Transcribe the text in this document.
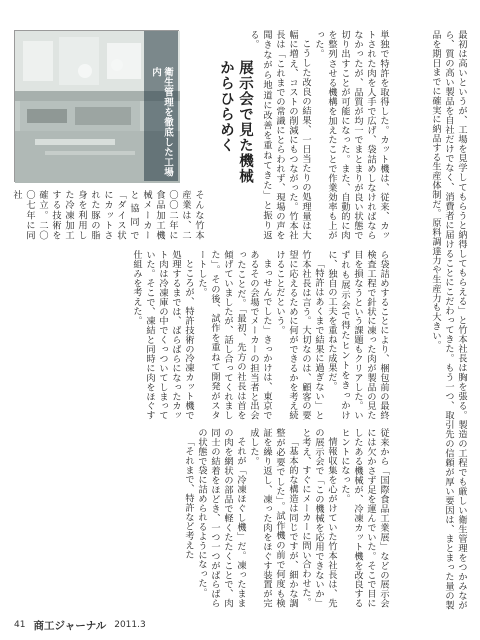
衛生管理を徹底した工場内	最初は高いというが、工場を見学してもらうと納得してもらえる」と竹本社長は胸を張る。製造の工程でも厳しい衛生管理をつかみながら、質の高い製品を自社だけでなく、消費者に届けることにこだわってきた。もう一つ、取引先の信頼が厚い要因は、まとまった量の製品を期日までに確実に納品する生産体制だ。原料調達力や生産力も大きい。

単独で特許を取得した。カット機は、従来、カットされた肉を人手で広げ、袋詰めしなければならなかったが、品質が均一でまとまりが良い状態で切り出すことが可能になった。また、自動的に肉を整列させる機構を加えたことで作業効率も上がった。

こうした改良の結果、一日当たりの処理量は大幅に増え、コストの削減にもつながった。竹本社長は「これまでの常識にとらわれず、現場の声を聞きながら地道に改善を重ねてきた」と振り返る。

展示会で見た機械
からひらめく

そんな竹本産業は、二〇〇二年に食品加工機械メーカーと協同で「ダイス状にカットされた豚の脂身を利用した冷凍加工する技術を確立。二〇〇七年に同社

ら袋詰めすることにより、梱包前の最終検査工程で針状に凍った肉が製品の見た目を損なうという課題もクリアした。いずれも展示会で得たヒントをきっかけに、独自の工夫を重ねた成果だ。

「特許はあくまで結果に過ぎない」と竹本社長は言う。大切なのは、顧客の要望に応えるために何ができるかを考え続けることだという。

まっせんでした」きっかけは、東京であるその会場でメーカーの担当者と出会ったことだ。「最初、先方の社長は首を傾げていましたが、話し合ってくれました」。その後、試作を重ねて開発がスタートした。

ところが、特許技術の冷凍カット機で処理するまでは、ばらばらになったカット肉は冷凍庫の中でくっついてしまっていた。そこで、凍結と同時に肉をほぐす仕組みを考えた。

従来から「国際食品工業展」などの展示会には欠かさず足を運んでいた。そこで目にしたある機械が、冷凍カット機を改良するヒントになった。

情報収集を心がけていた竹本社長は、先の展示会で「この機械を応用できないか」と考え、すぐにメーカーに問い合わせた。

「基本的な構造は同じですが、細かな調整が必要でした」。試作機の前で何度も検証を繰り返し、凍った肉をほぐす装置が完成した。

それが「冷凍ほぐし機」だ。凍ったままの肉を網状の部品で軽くたたくことで、肉同士の結着をほどき、一つ一つがばらばらの状態で袋に詰められるようになった。

「それまで、特許など考えた

41 商工ジャーナル 2011.3
